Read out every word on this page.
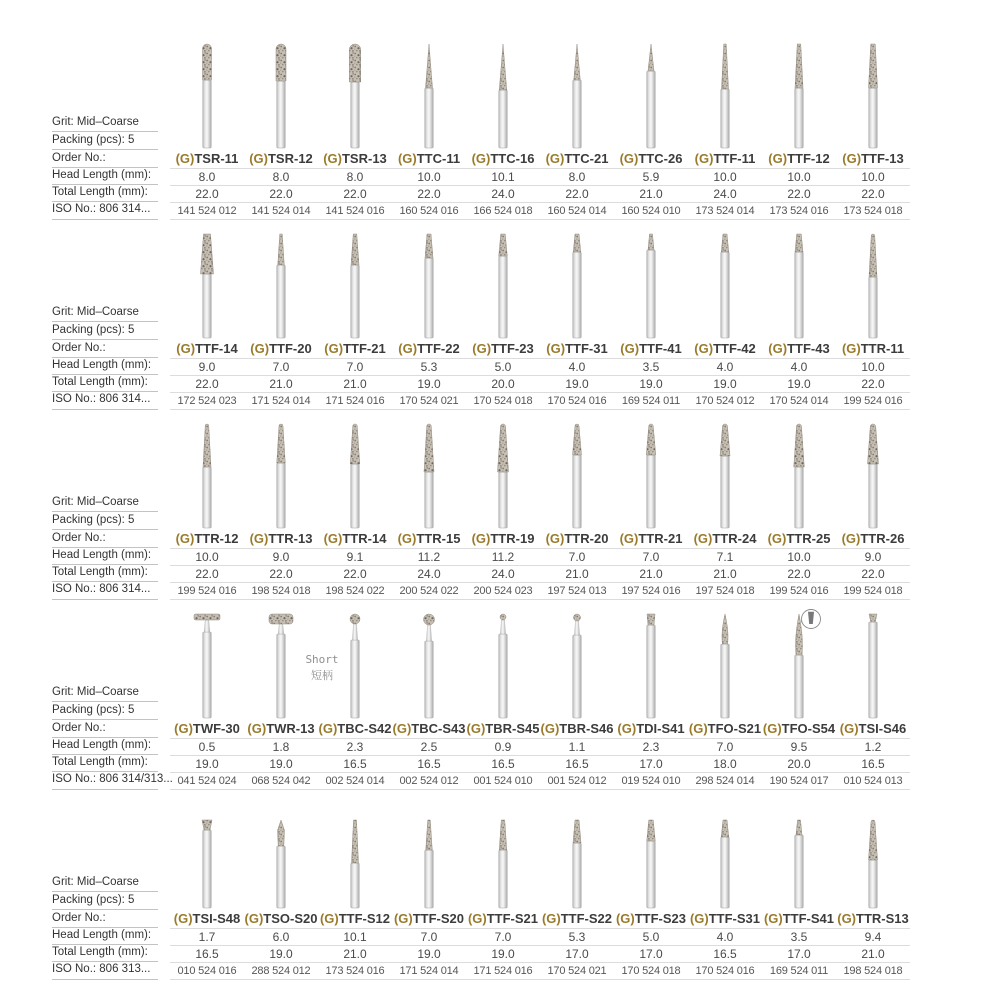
Grit: Mid–Coarse
Packing (pcs): 5
Order No.:
Head Length (mm):
Total Length (mm):
ISO No.: 806 314...
(G)TSR-11
8.0
22.0
141 524 012
(G)TSR-12
8.0
22.0
141 524 014
(G)TSR-13
8.0
22.0
141 524 016
(G)TTC-11
10.0
22.0
160 524 016
(G)TTC-16
10.1
24.0
166 524 018
(G)TTC-21
8.0
22.0
160 524 014
(G)TTC-26
5.9
21.0
160 524 010
(G)TTF-11
10.0
24.0
173 524 014
(G)TTF-12
10.0
22.0
173 524 016
(G)TTF-13
10.0
22.0
173 524 018
Grit: Mid–Coarse
Packing (pcs): 5
Order No.:
Head Length (mm):
Total Length (mm):
ISO No.: 806 314...
(G)TTF-14
9.0
22.0
172 524 023
(G)TTF-20
7.0
21.0
171 524 014
(G)TTF-21
7.0
21.0
171 524 016
(G)TTF-22
5.3
19.0
170 524 021
(G)TTF-23
5.0
20.0
170 524 018
(G)TTF-31
4.0
19.0
170 524 016
(G)TTF-41
3.5
19.0
169 524 011
(G)TTF-42
4.0
19.0
170 524 012
(G)TTF-43
4.0
19.0
170 524 014
(G)TTR-11
10.0
22.0
199 524 016
Grit: Mid–Coarse
Packing (pcs): 5
Order No.:
Head Length (mm):
Total Length (mm):
ISO No.: 806 314...
(G)TTR-12
10.0
22.0
199 524 016
(G)TTR-13
9.0
22.0
198 524 018
(G)TTR-14
9.1
22.0
198 524 022
(G)TTR-15
11.2
24.0
200 524 022
(G)TTR-19
11.2
24.0
200 524 023
(G)TTR-20
7.0
21.0
197 524 013
(G)TTR-21
7.0
21.0
197 524 016
(G)TTR-24
7.1
21.0
197 524 018
(G)TTR-25
10.0
22.0
199 524 016
(G)TTR-26
9.0
22.0
199 524 018
Grit: Mid–Coarse
Packing (pcs): 5
Order No.:
Head Length (mm):
Total Length (mm):
ISO No.: 806 314/313...
(G)TWF-30
0.5
19.0
041 524 024
(G)TWR-13
1.8
19.0
068 524 042
(G)TBC-S42
2.3
16.5
002 524 014
(G)TBC-S43
2.5
16.5
002 524 012
(G)TBR-S45
0.9
16.5
001 524 010
(G)TBR-S46
1.1
16.5
001 524 012
(G)TDI-S41
2.3
17.0
019 524 010
(G)TFO-S21
7.0
18.0
298 524 014
(G)TFO-S54
9.5
20.0
190 524 017
(G)TSI-S46
1.2
16.5
010 524 013
Short
短柄
Grit: Mid–Coarse
Packing (pcs): 5
Order No.:
Head Length (mm):
Total Length (mm):
ISO No.: 806 313...
(G)TSI-S48
1.7
16.5
010 524 016
(G)TSO-S20
6.0
19.0
288 524 012
(G)TTF-S12
10.1
21.0
173 524 016
(G)TTF-S20
7.0
19.0
171 524 014
(G)TTF-S21
7.0
19.0
171 524 016
(G)TTF-S22
5.3
17.0
170 524 021
(G)TTF-S23
5.0
17.0
170 524 018
(G)TTF-S31
4.0
16.5
170 524 016
(G)TTF-S41
3.5
17.0
169 524 011
(G)TTR-S13
9.4
21.0
198 524 018
